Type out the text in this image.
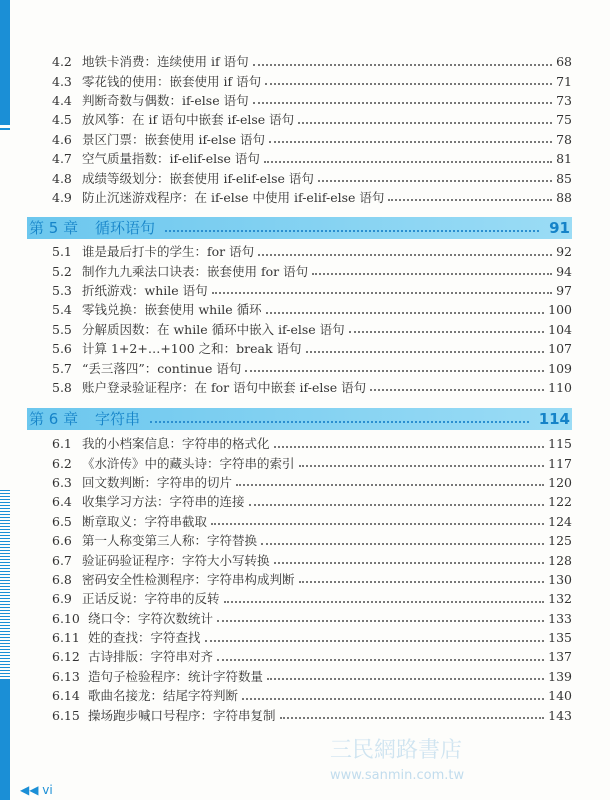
4.2 地铁卡消费：连续使用 if 语句	68
4.3 零花钱的使用：嵌套使用 if 语句	71
4.4 判断奇数与偶数：if-else 语句	73
4.5 放风筝：在 if 语句中嵌套 if-else 语句	75
4.6 景区门票：嵌套使用 if-else 语句	78
4.7 空气质量指数：if-elif-else 语句	81
4.8 成绩等级划分：嵌套使用 if-elif-else 语句	85
4.9 防止沉迷游戏程序：在 if-else 中使用 if-elif-else 语句	88
第 5 章	循环语句	91
5.1 谁是最后打卡的学生：for 语句	92
5.2 制作九九乘法口诀表：嵌套使用 for 语句	94
5.3 折纸游戏：while 语句	97
5.4 零钱兑换：嵌套使用 while 循环	100
5.5 分解质因数：在 while 循环中嵌入 if-else 语句	104
5.6 计算 1+2+…+100 之和：break 语句	107
5.7 “丢三落四”：continue 语句	109
5.8 账户登录验证程序：在 for 语句中嵌套 if-else 语句	110
第 6 章	字符串	114
6.1 我的小档案信息：字符串的格式化	115
6.2 《水浒传》中的藏头诗：字符串的索引	117
6.3 回文数判断：字符串的切片	120
6.4 收集学习方法：字符串的连接	122
6.5 断章取义：字符串截取	124
6.6 第一人称变第三人称：字符替换	125
6.7 验证码验证程序：字符大小写转换	128
6.8 密码安全性检测程序：字符串构成判断	130
6.9 正话反说：字符串的反转	132
6.10 绕口令：字符次数统计	133
6.11 姓的查找：字符查找	135
6.12 古诗排版：字符串对齐	137
6.13 造句子检验程序：统计字符数量	139
6.14 歌曲名接龙：结尾字符判断	140
6.15 操场跑步喊口号程序：字符串复制	143
三民網路書店
www.sanmin.com.tw
◀◀ vi
